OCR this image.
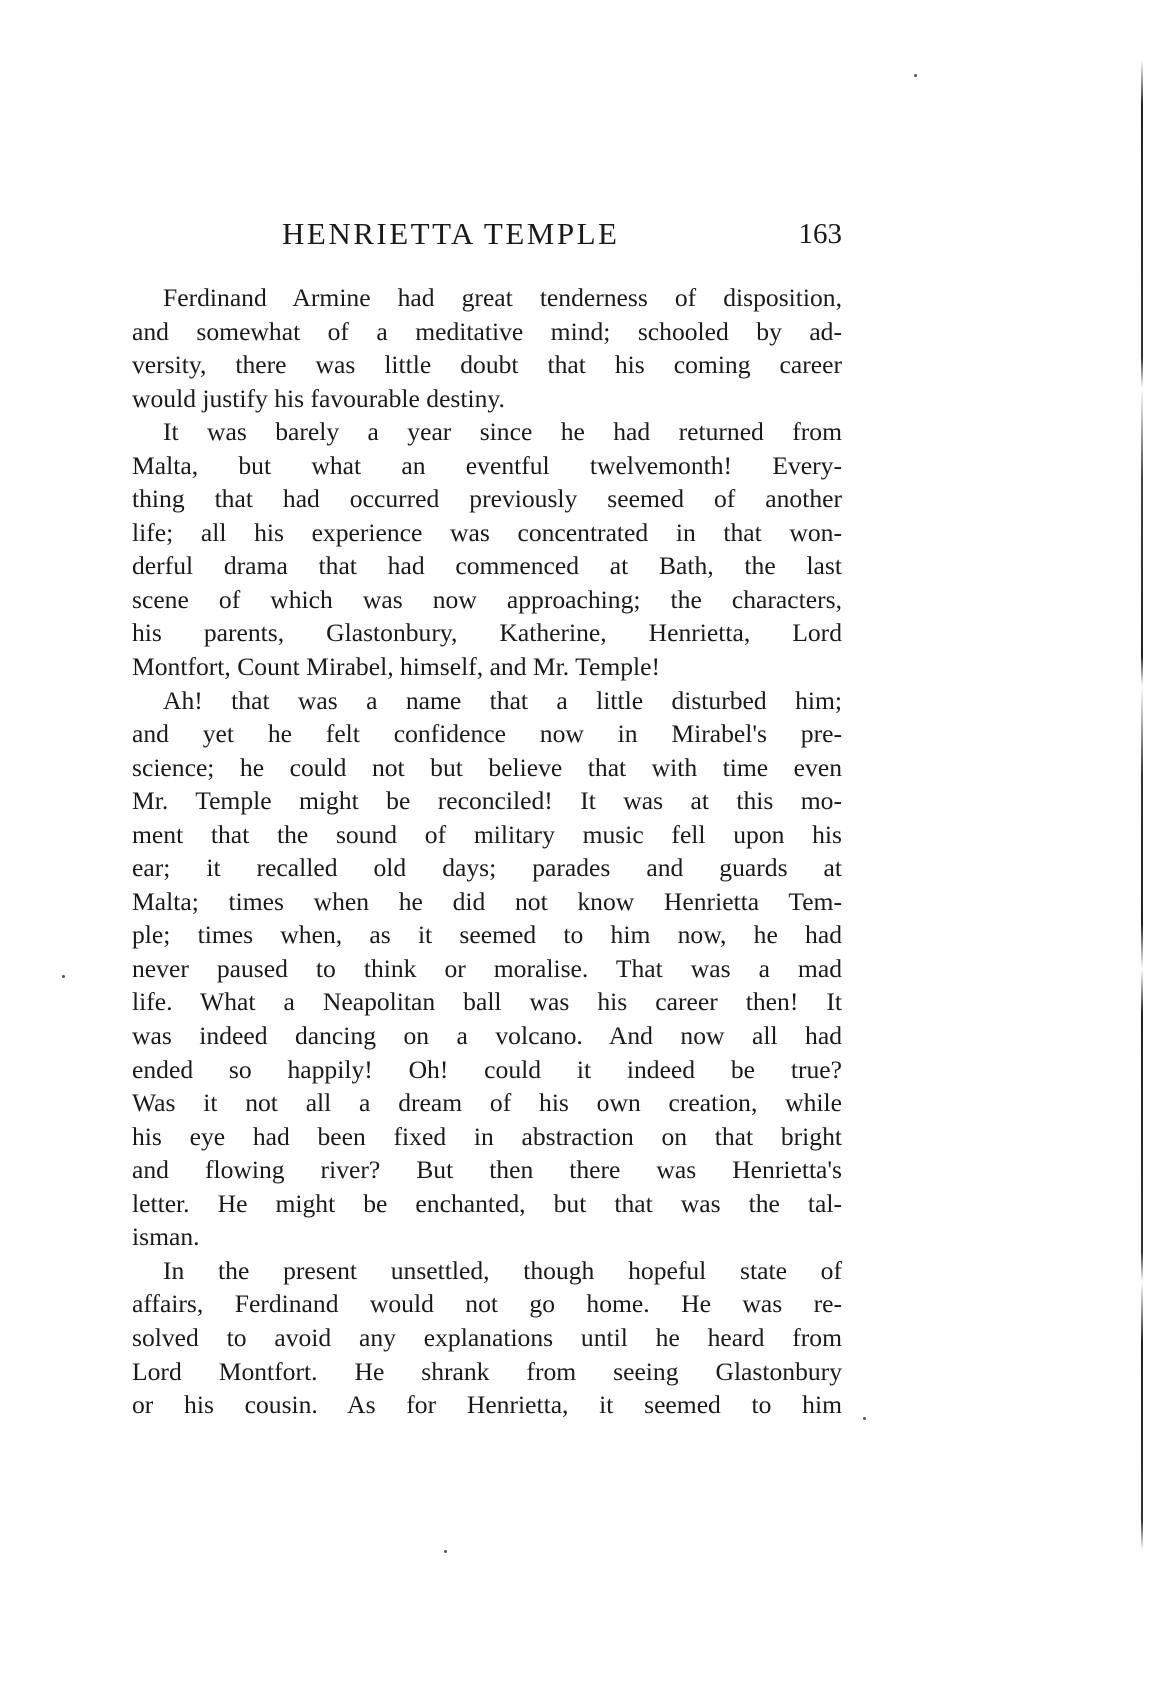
HENRIETTA TEMPLE	163

Ferdinand Armine had great tenderness of disposition,
and somewhat of a meditative mind; schooled by ad-
versity, there was little doubt that his coming career
would justify his favourable destiny.

It was barely a year since he had returned from
Malta, but what an eventful twelvemonth! Every-
thing that had occurred previously seemed of another
life; all his experience was concentrated in that won-
derful drama that had commenced at Bath, the last
scene of which was now approaching; the characters,
his parents, Glastonbury, Katherine, Henrietta, Lord
Montfort, Count Mirabel, himself, and Mr. Temple!

Ah! that was a name that a little disturbed him;
and yet he felt confidence now in Mirabel's pre-
science; he could not but believe that with time even
Mr. Temple might be reconciled! It was at this mo-
ment that the sound of military music fell upon his
ear; it recalled old days; parades and guards at
Malta; times when he did not know Henrietta Tem-
ple; times when, as it seemed to him now, he had
never paused to think or moralise. That was a mad
life. What a Neapolitan ball was his career then! It
was indeed dancing on a volcano. And now all had
ended so happily! Oh! could it indeed be true?
Was it not all a dream of his own creation, while
his eye had been fixed in abstraction on that bright
and flowing river? But then there was Henrietta's
letter. He might be enchanted, but that was the tal-
isman.

In the present unsettled, though hopeful state of
affairs, Ferdinand would not go home. He was re-
solved to avoid any explanations until he heard from
Lord Montfort. He shrank from seeing Glastonbury
or his cousin. As for Henrietta, it seemed to him
